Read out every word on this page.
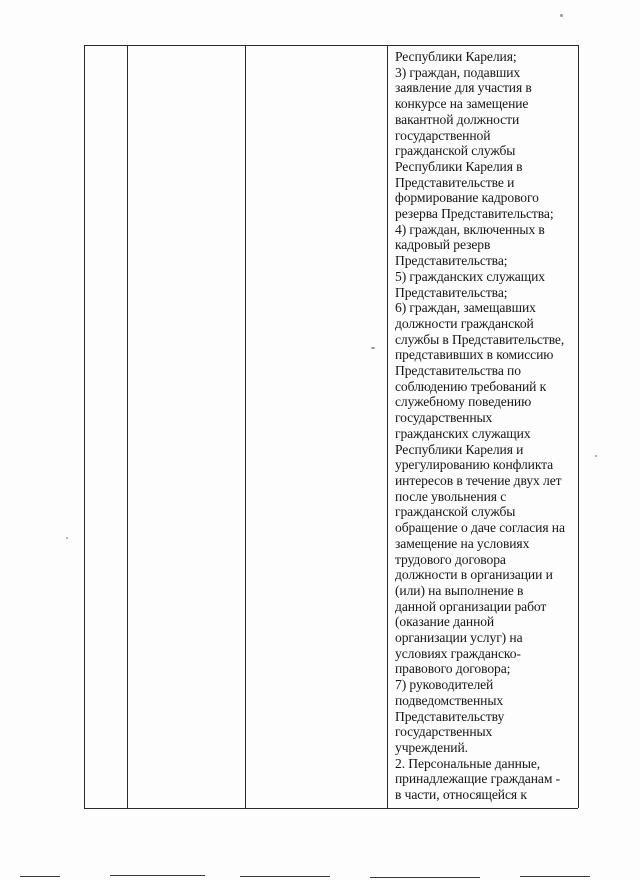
Республики Карелия;
3) граждан, подавших
заявление для участия в
конкурсе на замещение
вакантной должности
государственной
гражданской службы
Республики Карелия в
Представительстве и
формирование кадрового
резерва Представительства;
4) граждан, включенных в
кадровый резерв
Представительства;
5) гражданских служащих
Представительства;
6) граждан, замещавших
должности гражданской
службы в Представительстве,
представивших в комиссию
Представительства по
соблюдению требований к
служебному поведению
государственных
гражданских служащих
Республики Карелия и
урегулированию конфликта
интересов в течение двух лет
после увольнения с
гражданской службы
обращение о даче согласия на
замещение на условиях
трудового договора
должности в организации и
(или) на выполнение в
данной организации работ
(оказание данной
организации услуг) на
условиях гражданско-
правового договора;
7) руководителей
подведомственных
Представительству
государственных
учреждений.
2. Персональные данные,
принадлежащие гражданам -
в части, относящейся к
